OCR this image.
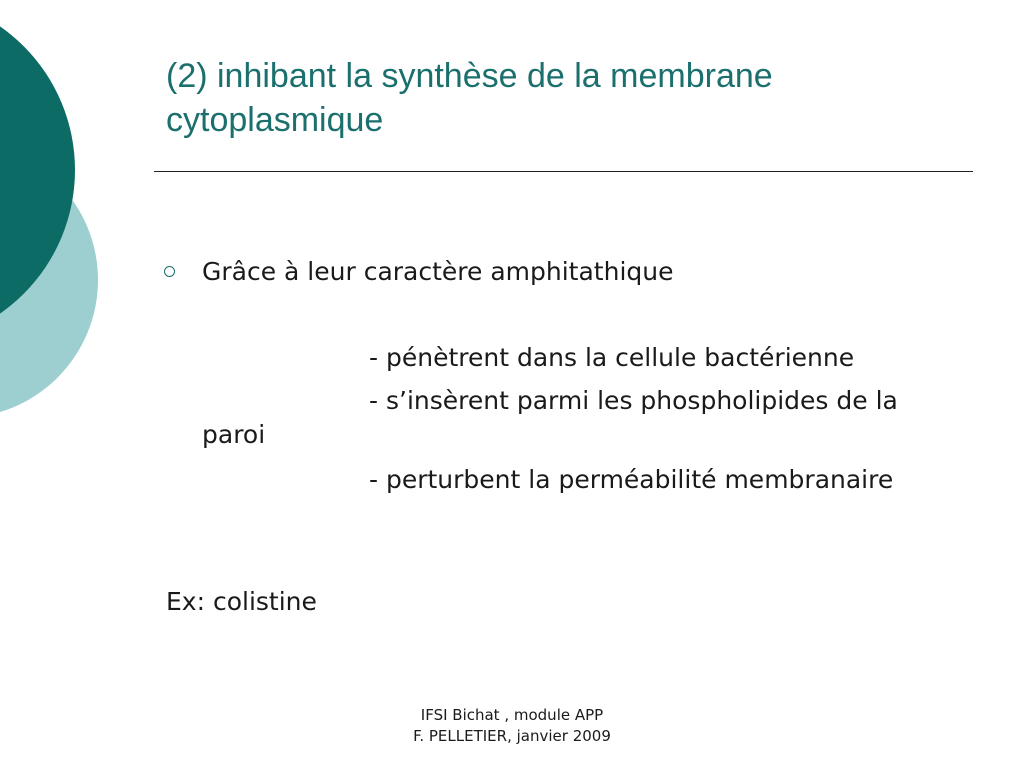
(2) inhibant la synthèse de la membrane cytoplasmique
Grâce à leur caractère amphitathique
- pénètrent dans la cellule bactérienne
- s’insèrent parmi les phospholipides de la paroi
- perturbent la perméabilité membranaire
Ex: colistine
IFSI Bichat , module APP
F. PELLETIER, janvier 2009
